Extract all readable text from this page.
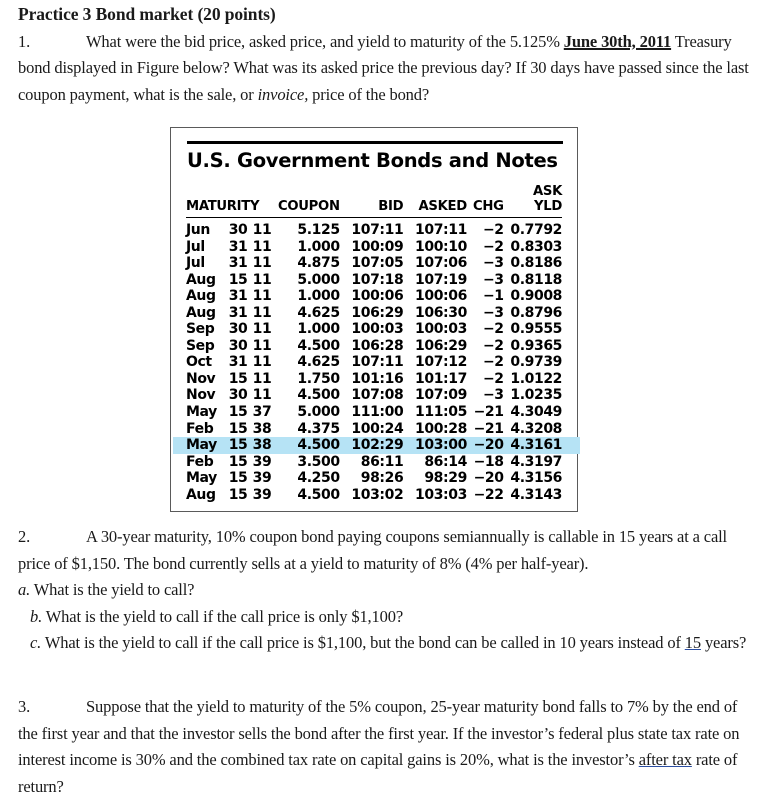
Practice 3 Bond market (20 points)
1.	What were the bid price, asked price, and yield to maturity of the 5.125% June 30th, 2011 Treasury bond displayed in Figure below? What was its asked price the previous day? If 30 days have passed since the last coupon payment, what is the sale, or invoice, price of the bond?
U.S. Government Bonds and Notes
MATURITY			COUPON	BID	ASKED	CHG	ASK
YLD
Jun	30	11	5.125	107:11	107:11	−2	0.7792
Jul	31	11	1.000	100:09	100:10	−2	0.8303
Jul	31	11	4.875	107:05	107:06	−3	0.8186
Aug	15	11	5.000	107:18	107:19	−3	0.8118
Aug	31	11	1.000	100:06	100:06	−1	0.9008
Aug	31	11	4.625	106:29	106:30	−3	0.8796
Sep	30	11	1.000	100:03	100:03	−2	0.9555
Sep	30	11	4.500	106:28	106:29	−2	0.9365
Oct	31	11	4.625	107:11	107:12	−2	0.9739
Nov	15	11	1.750	101:16	101:17	−2	1.0122
Nov	30	11	4.500	107:08	107:09	−3	1.0235
May	15	37	5.000	111:00	111:05	−21	4.3049
Feb	15	38	4.375	100:24	100:28	−21	4.3208
May	15	38	4.500	102:29	103:00	−20	4.3161
Feb	15	39	3.500	86:11	86:14	−18	4.3197
May	15	39	4.250	98:26	98:29	−20	4.3156
Aug	15	39	4.500	103:02	103:03	−22	4.3143
2.	A 30-year maturity, 10% coupon bond paying coupons semiannually is callable in 15 years at a call price of $1,150. The bond currently sells at a yield to maturity of 8% (4% per half-year).
a. What is the yield to call?
b. What is the yield to call if the call price is only $1,100?
c. What is the yield to call if the call price is $1,100, but the bond can be called in 10 years instead of 15 years?
3.	Suppose that the yield to maturity of the 5% coupon, 25-year maturity bond falls to 7% by the end of the first year and that the investor sells the bond after the first year. If the investor’s federal plus state tax rate on interest income is 30% and the combined tax rate on capital gains is 20%, what is the investor’s after tax rate of return?
